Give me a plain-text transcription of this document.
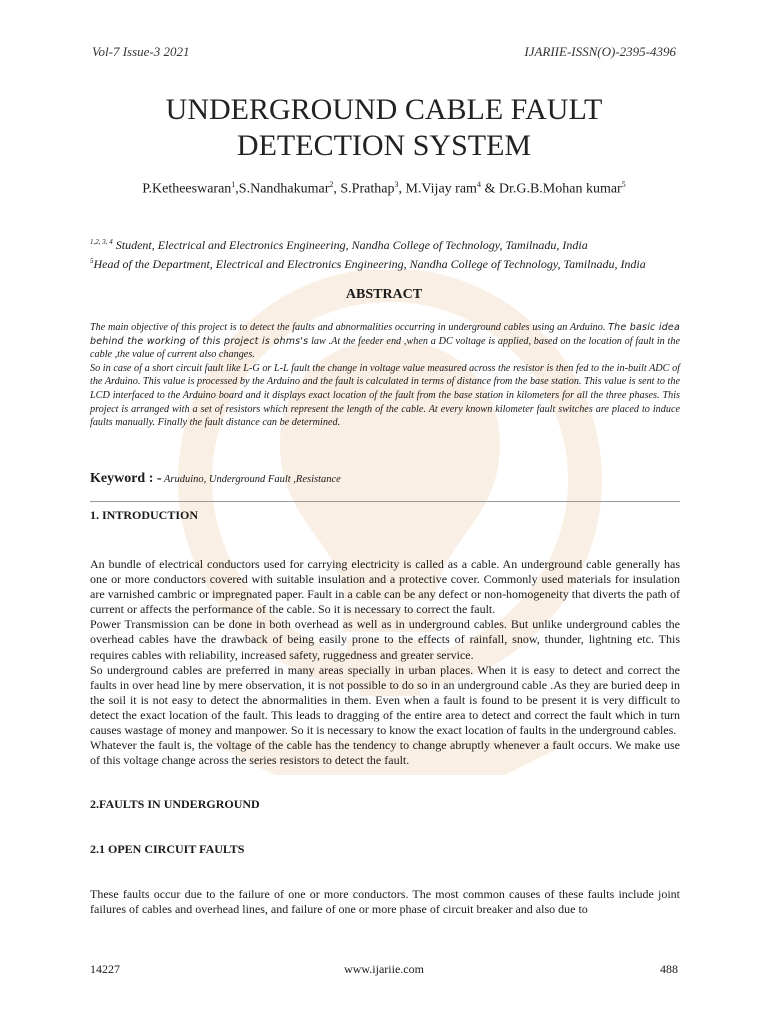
Vol-7 Issue-3 2021	IJARIIE-ISSN(O)-2395-4396
UNDERGROUND CABLE FAULT
DETECTION SYSTEM
P.Ketheeswaran$^1$,S.Nandhakumar$^2$, S.Prathap$^3$, M.Vijay ram$^4$ & Dr.G.B.Mohan kumar$^5$
$^{1,2, 3, 4}$ Student, Electrical and Electronics Engineering, Nandha College of Technology, Tamilnadu, India
$^5$Head of the Department, Electrical and Electronics Engineering, Nandha College of Technology, Tamilnadu, India
ABSTRACT

The main objective of this project is to detect the faults and abnormalities occurring in underground cables using an Arduino. The basic idea behind the working of this project is ohms's law .At the feeder end ,when a DC voltage is applied, based on the location of fault in the cable ,the value of current also changes.

So in case of a short circuit fault like L-G or L-L fault the change in voltage value measured across the resistor is then fed to the in-built ADC of the Arduino. This value is processed by the Arduino and the fault is calculated in terms of distance from the base station. This value is sent to the LCD interfaced to the Arduino board and it displays exact location of the fault from the base station in kilometers for all the three phases. This project is arranged with a set of resistors which represent the length of the cable. At every known kilometer fault switches are placed to induce faults manually. Finally the fault distance can be determined.

Keyword : - Aruduino, Underground Fault ,Resistance
1. INTRODUCTION

An bundle of electrical conductors used for carrying electricity is called as a cable. An underground cable generally has one or more conductors covered with suitable insulation and a protective cover. Commonly used materials for insulation are varnished cambric or impregnated paper. Fault in a cable can be any defect or non-homogeneity that diverts the path of current or affects the performance of the cable. So it is necessary to correct the fault.

Power Transmission can be done in both overhead as well as in underground cables. But unlike underground cables the overhead cables have the drawback of being easily prone to the effects of rainfall, snow, thunder, lightning etc. This requires cables with reliability, increased safety, ruggedness and greater service.

So underground cables are preferred in many areas specially in urban places. When it is easy to detect and correct the faults in over head line by mere observation, it is not possible to do so in an underground cable .As they are buried deep in the soil it is not easy to detect the abnormalities in them. Even when a fault is found to be present it is very difficult to detect the exact location of the fault. This leads to dragging of the entire area to detect and correct the fault which in turn causes wastage of money and manpower. So it is necessary to know the exact location of faults in the underground cables.

Whatever the fault is, the voltage of the cable has the tendency to change abruptly whenever a fault occurs. We make use of this voltage change across the series resistors to detect the fault.

2.FAULTS IN UNDERGROUND
2.1 OPEN CIRCUIT FAULTS

These faults occur due to the failure of one or more conductors. The most common causes of these faults include joint failures of cables and overhead lines, and failure of one or more phase of circuit breaker and also due to

14227	www.ijariie.com	488
